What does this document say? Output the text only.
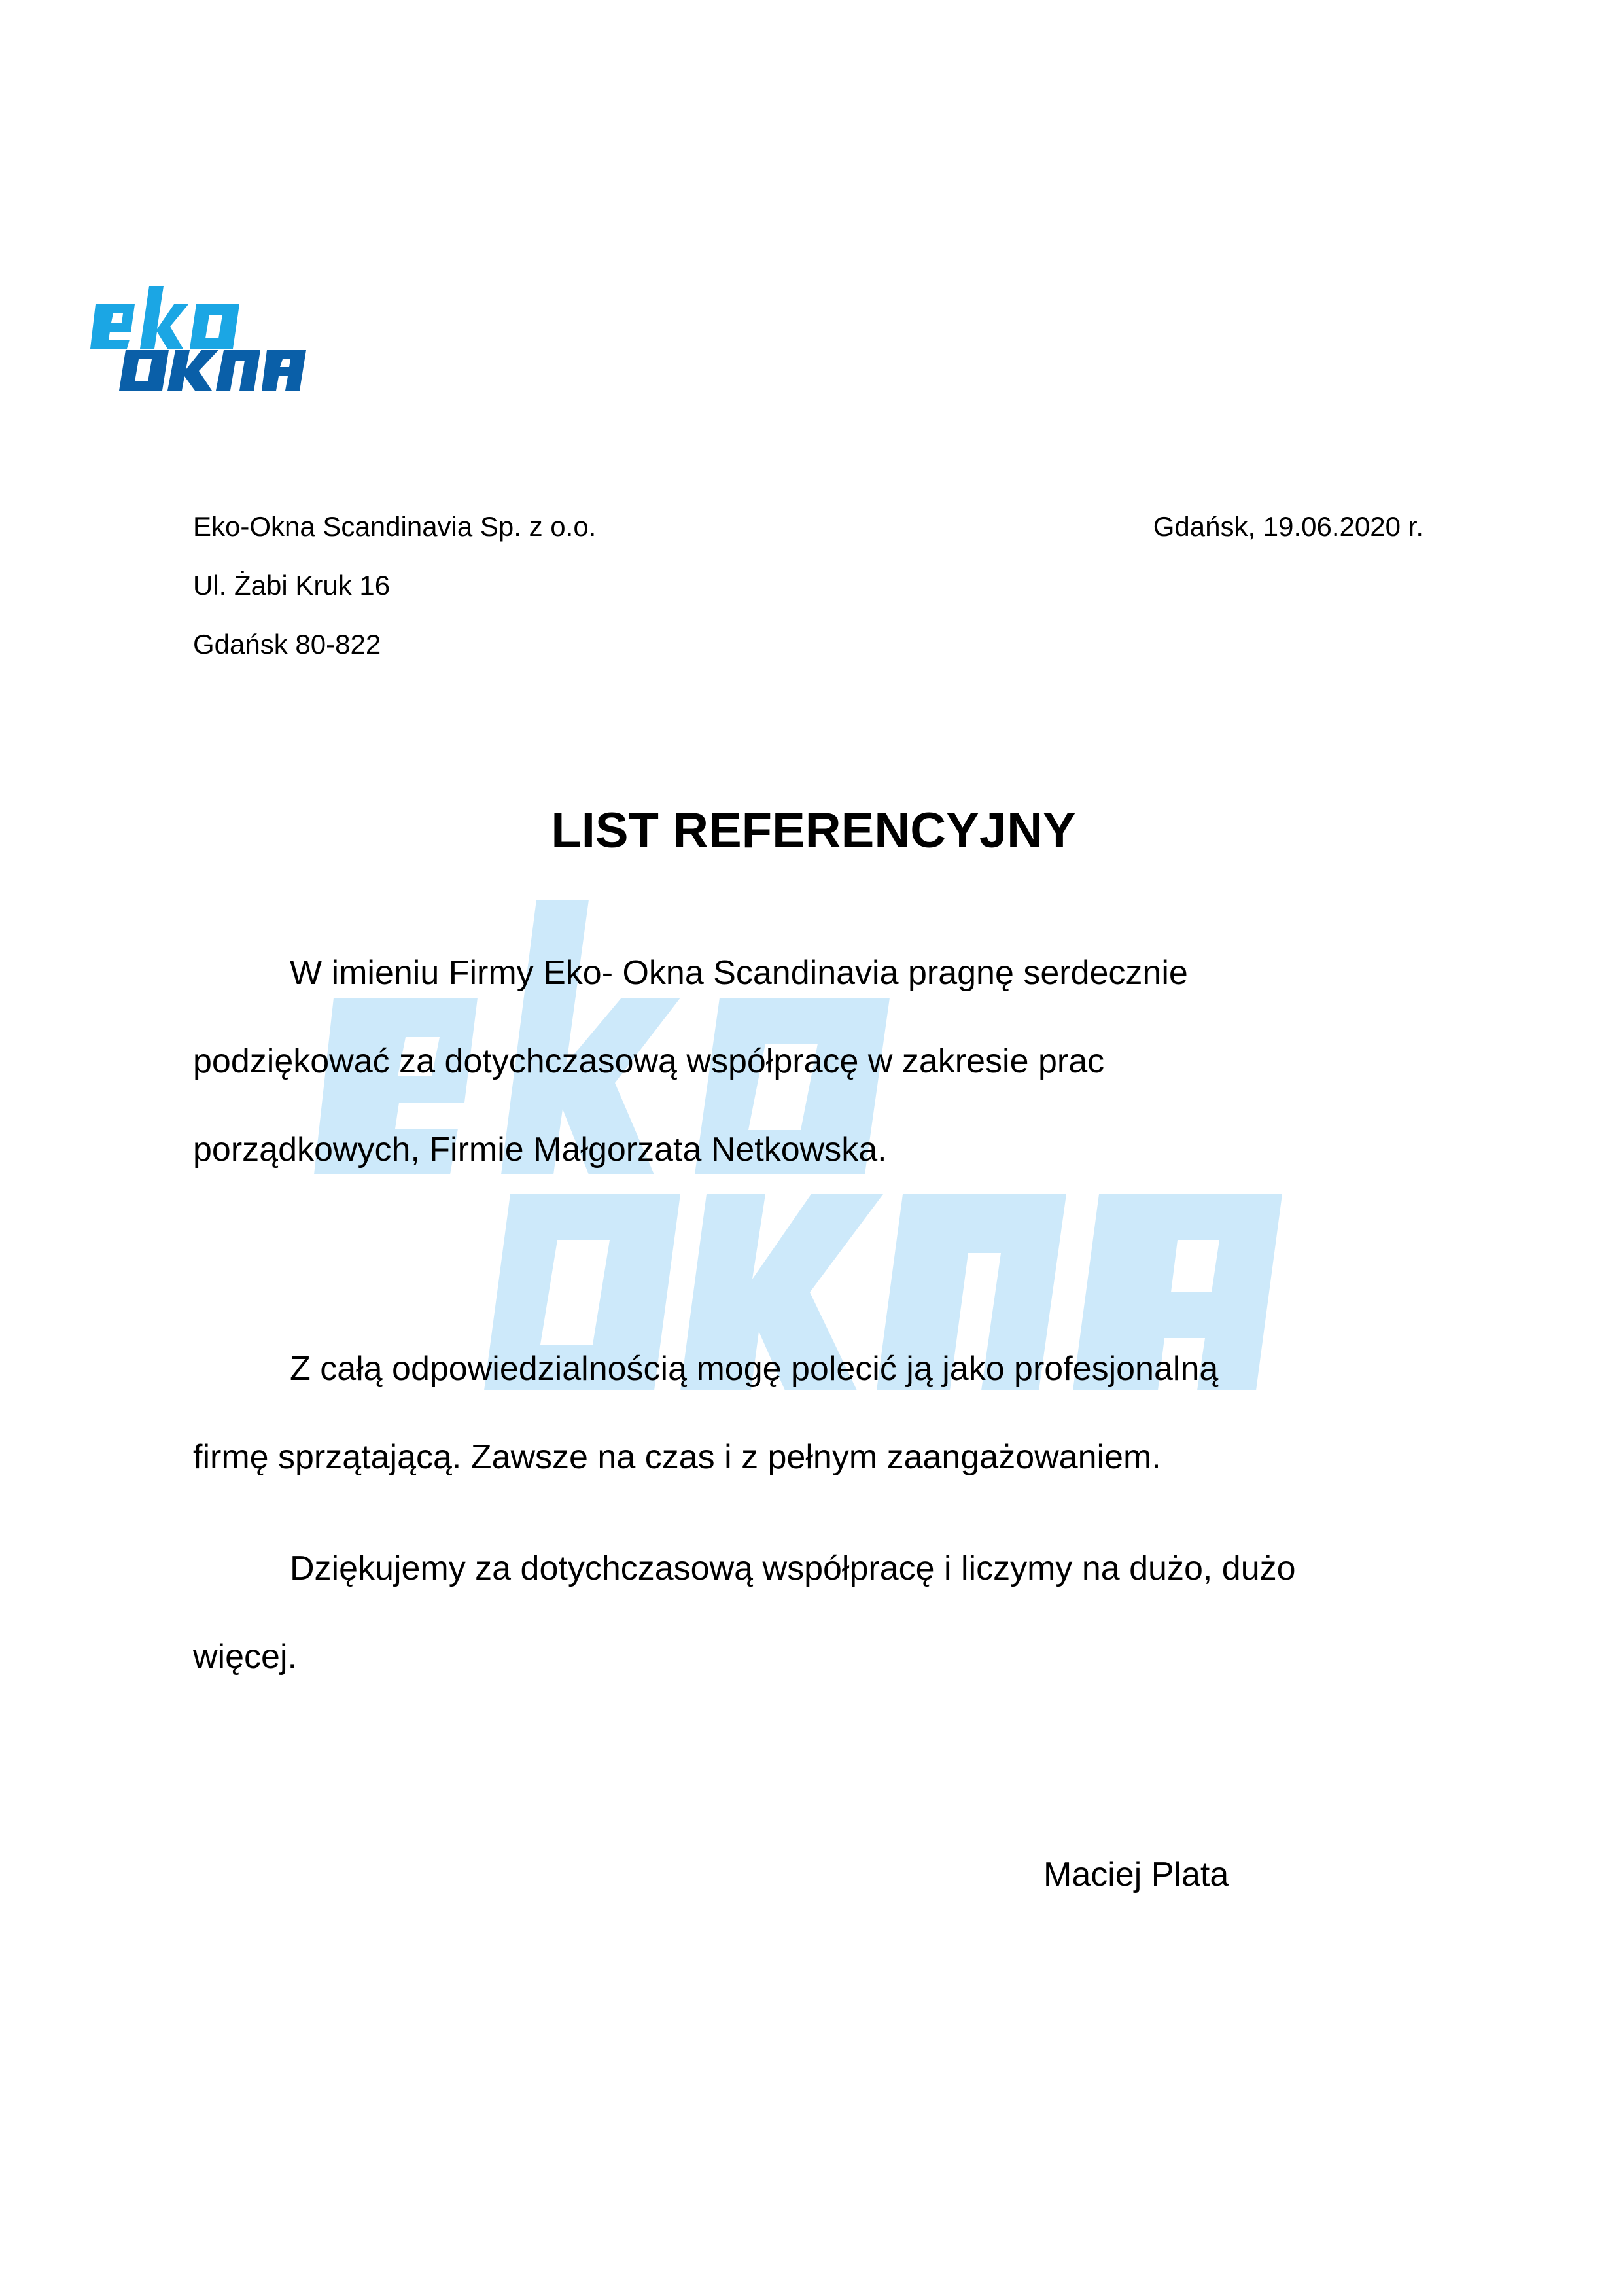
Eko-Okna Scandinavia Sp. z o.o.
Ul. Żabi Kruk 16
Gdańsk 80-822
Gdańsk, 19.06.2020 r.
LIST REFERENCYJNY
W imieniu Firmy Eko- Okna Scandinavia pragnę serdecznie
podziękować za dotychczasową współpracę w zakresie prac
porządkowych, Firmie Małgorzata Netkowska.
Z całą odpowiedzialnością mogę polecić ją jako profesjonalną
firmę sprzątającą. Zawsze na czas i z pełnym zaangażowaniem.
Dziękujemy za dotychczasową współpracę i liczymy na dużo, dużo
więcej.
Maciej Plata
